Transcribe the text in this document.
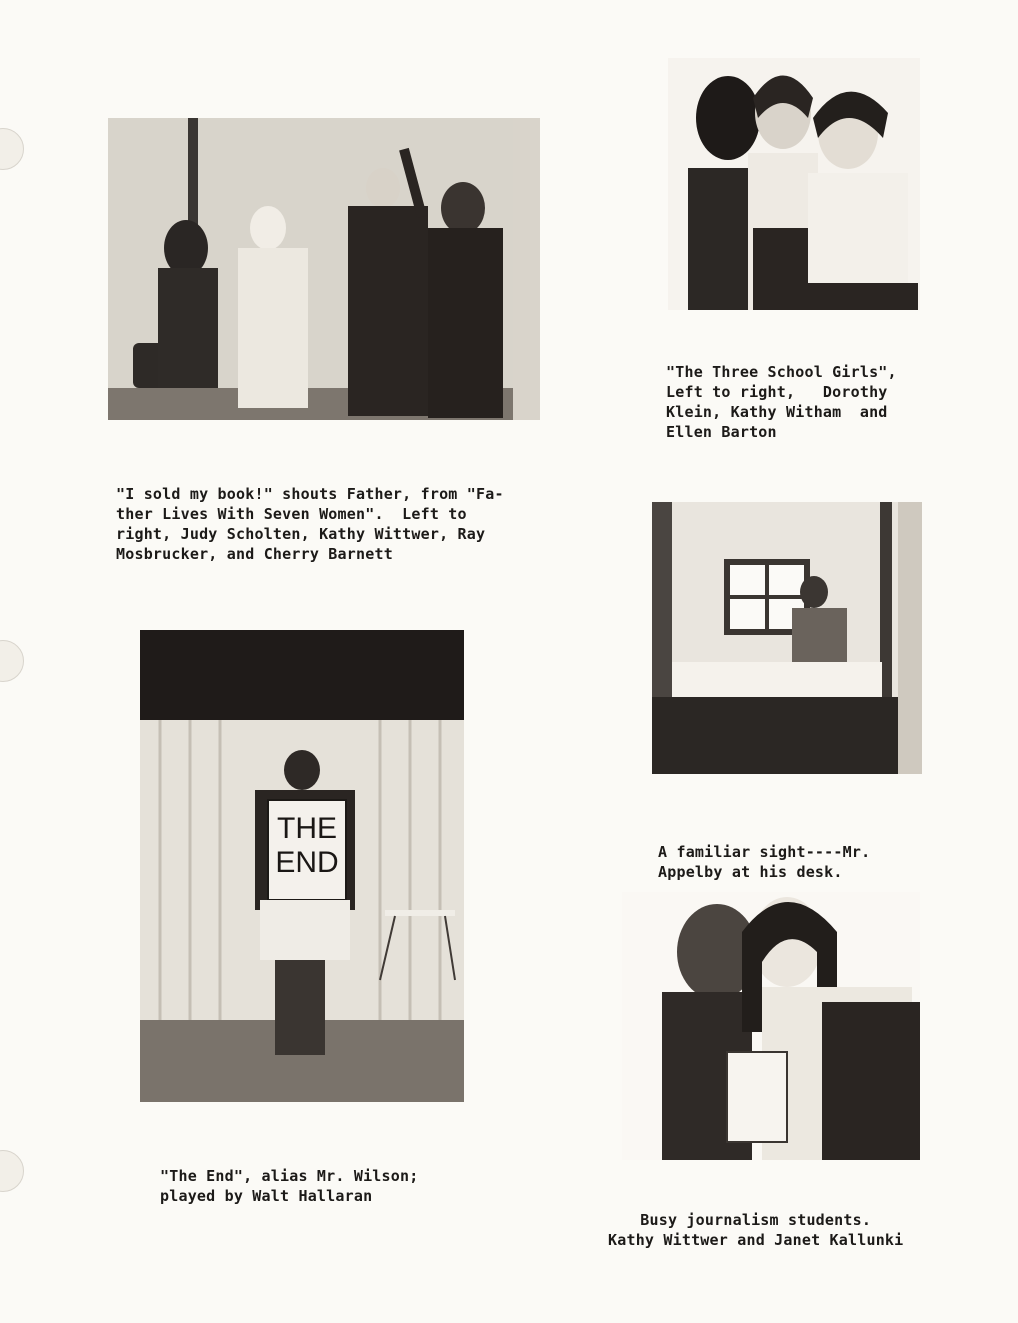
"I sold my book!" shouts Father, from "Fa-
ther Lives With Seven Women".  Left to
right, Judy Scholten, Kathy Wittwer, Ray
Mosbrucker, and Cherry Barnett

"The Three School Girls",
Left to right,   Dorothy
Klein, Kathy Witham  and
Ellen Barton

A familiar sight----Mr.
Appelby at his desk.

THE
END

"The End", alias Mr. Wilson;
played by Walt Hallaran

Busy journalism students.
Kathy Wittwer and Janet Kallunki
